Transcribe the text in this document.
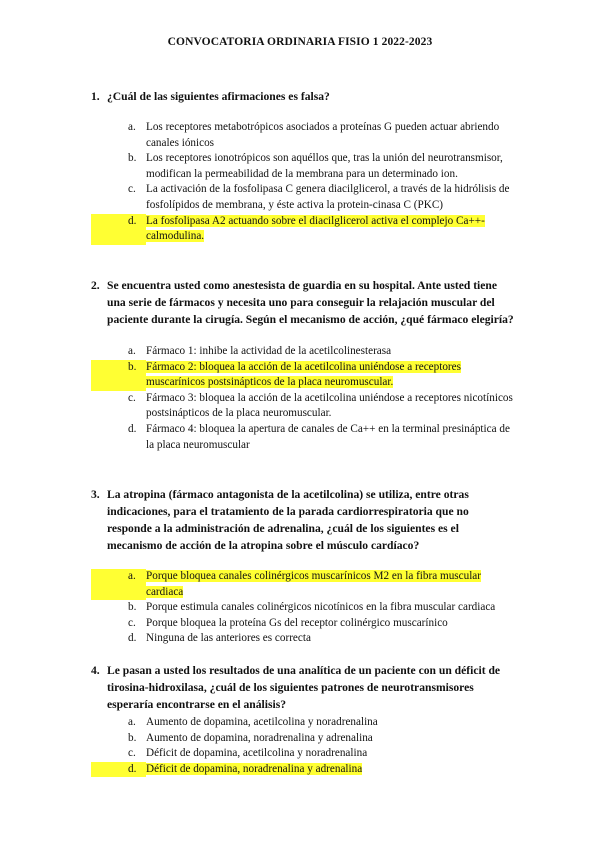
CONVOCATORIA ORDINARIA FISIO 1 2022-2023
1. ¿Cuál de las siguientes afirmaciones es falsa?
a. Los receptores metabotrópicos asociados a proteínas G pueden actuar abriendo canales iónicos
b. Los receptores ionotrópicos son aquéllos que, tras la unión del neurotransmisor, modifican la permeabilidad de la membrana para un determinado ion.
c. La activación de la fosfolipasa C genera diacilglicerol, a través de la hidrólisis de fosfolípidos de membrana, y éste activa la protein-cinasa C (PKC)
d. La fosfolipasa A2 actuando sobre el diacilglicerol activa el complejo Ca++-calmodulina.
2. Se encuentra usted como anestesista de guardia en su hospital. Ante usted tiene una serie de fármacos y necesita uno para conseguir la relajación muscular del paciente durante la cirugía. Según el mecanismo de acción, ¿qué fármaco elegiría?
a. Fármaco 1: inhibe la actividad de la acetilcolinesterasa
b. Fármaco 2: bloquea la acción de la acetilcolina uniéndose a receptores muscarínicos postsinápticos de la placa neuromuscular.
c. Fármaco 3: bloquea la acción de la acetilcolina uniéndose a receptores nicotínicos postsinápticos de la placa neuromuscular.
d. Fármaco 4: bloquea la apertura de canales de Ca++ en la terminal presináptica de la placa neuromuscular
3. La atropina (fármaco antagonista de la acetilcolina) se utiliza, entre otras indicaciones, para el tratamiento de la parada cardiorrespiratoria que no responde a la administración de adrenalina, ¿cuál de los siguientes es el mecanismo de acción de la atropina sobre el músculo cardíaco?
a. Porque bloquea canales colinérgicos muscarínicos M2 en la fibra muscular cardiaca
b. Porque estimula canales colinérgicos nicotínicos en la fibra muscular cardiaca
c. Porque bloquea la proteína Gs del receptor colinérgico muscarínico
d. Ninguna de las anteriores es correcta
4. Le pasan a usted los resultados de una analítica de un paciente con un déficit de tirosina-hidroxilasa, ¿cuál de los siguientes patrones de neurotransmisores esperaría encontrarse en el análisis?
a. Aumento de dopamina, acetilcolina y noradrenalina
b. Aumento de dopamina, noradrenalina y adrenalina
c. Déficit de dopamina, acetilcolina y noradrenalina
d. Déficit de dopamina, noradrenalina y adrenalina
